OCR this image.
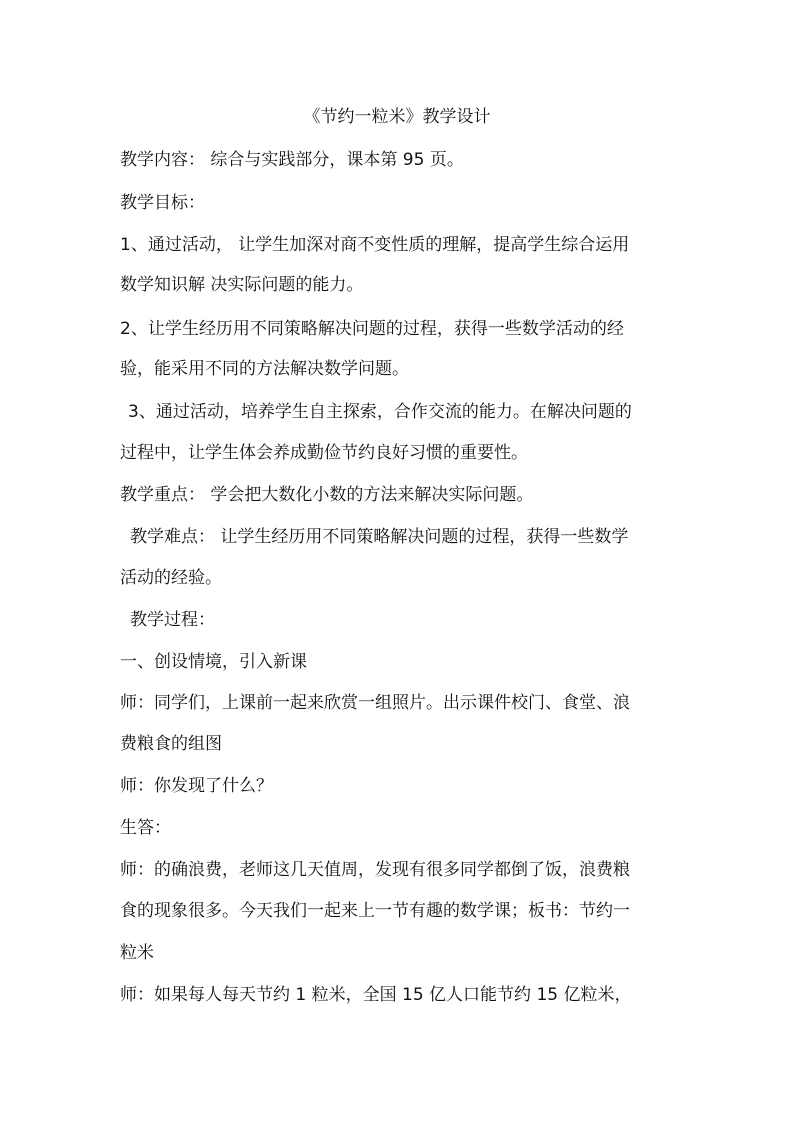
《节约一粒米》教学设计
教学内容： 综合与实践部分，课本第 95 页。
教学目标：
1、通过活动， 让学生加深对商不变性质的理解，提高学生综合运用
数学知识解 决实际问题的能力。
2、让学生经历用不同策略解决问题的过程，获得一些数学活动的经
验，能采用不同的方法解决数学问题。
3、通过活动，培养学生自主探索，合作交流的能力。在解决问题的
过程中，让学生体会养成勤俭节约良好习惯的重要性。
教学重点： 学会把大数化小数的方法来解决实际问题。
教学难点： 让学生经历用不同策略解决问题的过程，获得一些数学
活动的经验。
教学过程：
一、创设情境，引入新课
师：同学们，上课前一起来欣赏一组照片。出示课件校门、食堂、浪
费粮食的组图
师：你发现了什么？
生答：
师：的确浪费，老师这几天值周，发现有很多同学都倒了饭，浪费粮
食的现象很多。今天我们一起来上一节有趣的数学课；板书：节约一
粒米
师：如果每人每天节约 1 粒米，全国 15 亿人口能节约 15 亿粒米，
